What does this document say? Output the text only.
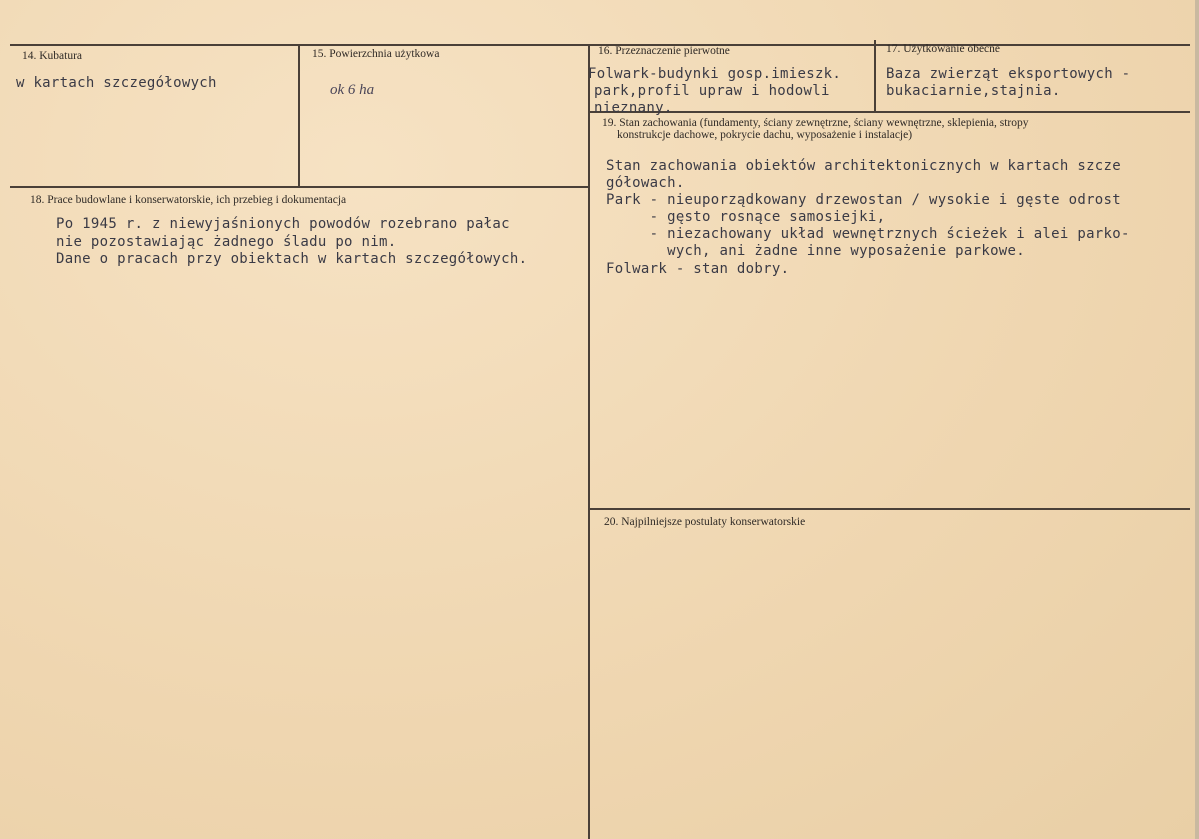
14. Kubatura
w kartach szczegółowych
15. Powierzchnia użytkowa
ok 6 ha
16. Przeznaczenie pierwotne
Folwark-budynki gosp.imieszk.
park,profil upraw i hodowli
nieznany.
17. Użytkowanie obecne
Baza zwierząt eksportowych -
bukaciarnie,stajnia.
18. Prace budowlane i konserwatorskie, ich przebieg i dokumentacja
Po 1945 r. z niewyjaśnionych powodów rozebrano pałac
nie pozostawiając żadnego śladu po nim.
Dane o pracach przy obiektach w kartach szczegółowych.
19. Stan zachowania (fundamenty, ściany zewnętrzne, ściany wewnętrzne, sklepienia, stropy
konstrukcje dachowe, pokrycie dachu, wyposażenie i instalacje)
Stan zachowania obiektów architektonicznych w kartach szcze
gółowach.
Park - nieuporządkowany drzewostan / wysokie i gęste odrost
- gęsto rosnące samosiejki,
- niezachowany układ wewnętrznych ścieżek i alei parko-
wych, ani żadne inne wyposażenie parkowe.
Folwark - stan dobry.
20. Najpilniejsze postulaty konserwatorskie
